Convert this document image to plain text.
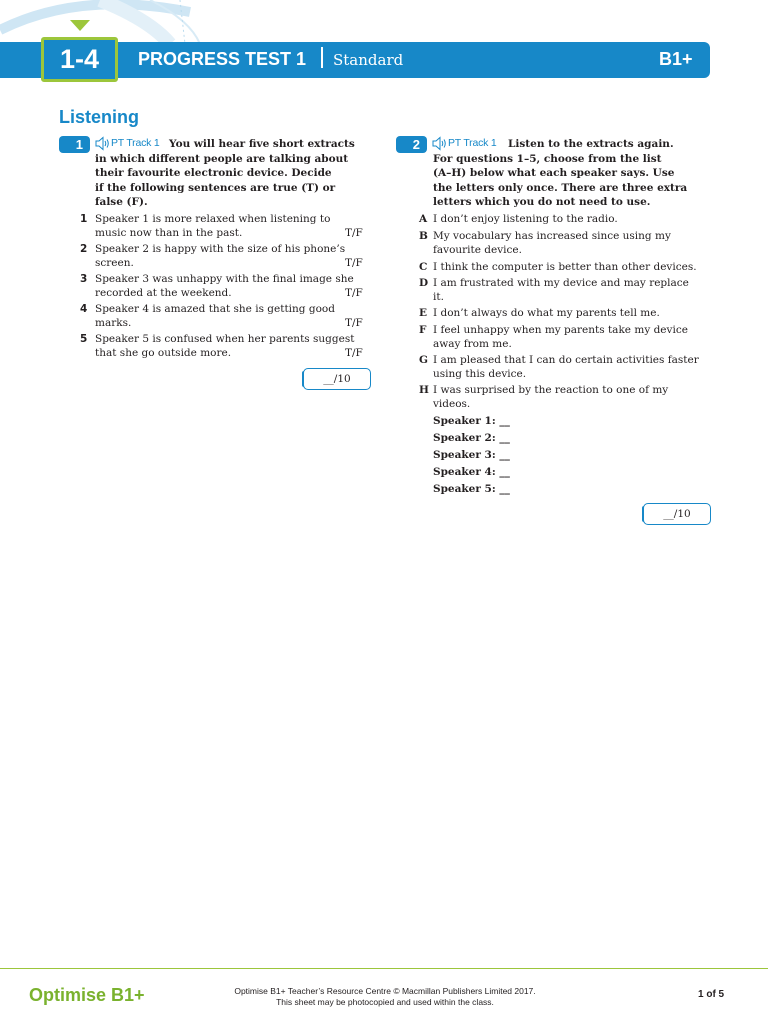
1-4	PROGRESS TEST 1 Standard	B1+
Listening
1	PT Track 1 You will hear five short extracts
in which different people are talking about
their favourite electronic device. Decide
if the following sentences are true (T) or
false (F).
1 Speaker 1 is more relaxed when listening to
music now than in the past.	T/F
2 Speaker 2 is happy with the size of his phone’s
screen.	T/F
3 Speaker 3 was unhappy with the final image she
recorded at the weekend.	T/F
4 Speaker 4 is amazed that she is getting good
marks.	T/F
5 Speaker 5 is confused when her parents suggest
that she go outside more.	T/F
__/10
2	PT Track 1	Listen to the extracts again.
For questions 1–5, choose from the list
(A–H) below what each speaker says. Use
the letters only once. There are three extra
letters which you do not need to use.
A I don’t enjoy listening to the radio.
B My vocabulary has increased since using my
favourite device.
C I think the computer is better than other devices.
D I am frustrated with my device and may replace
it.
E I don’t always do what my parents tell me.
F I feel unhappy when my parents take my device
away from me.
G I am pleased that I can do certain activities faster
using this device.
H I was surprised by the reaction to one of my
videos.
Speaker 1: __
Speaker 2: __
Speaker 3: __
Speaker 4: __
Speaker 5: __
__/10
Optimise B1+	Optimise B1+ Teacher’s Resource Centre © Macmillan Publishers Limited 2017.
This sheet may be photocopied and used within the class.
1 of 5
